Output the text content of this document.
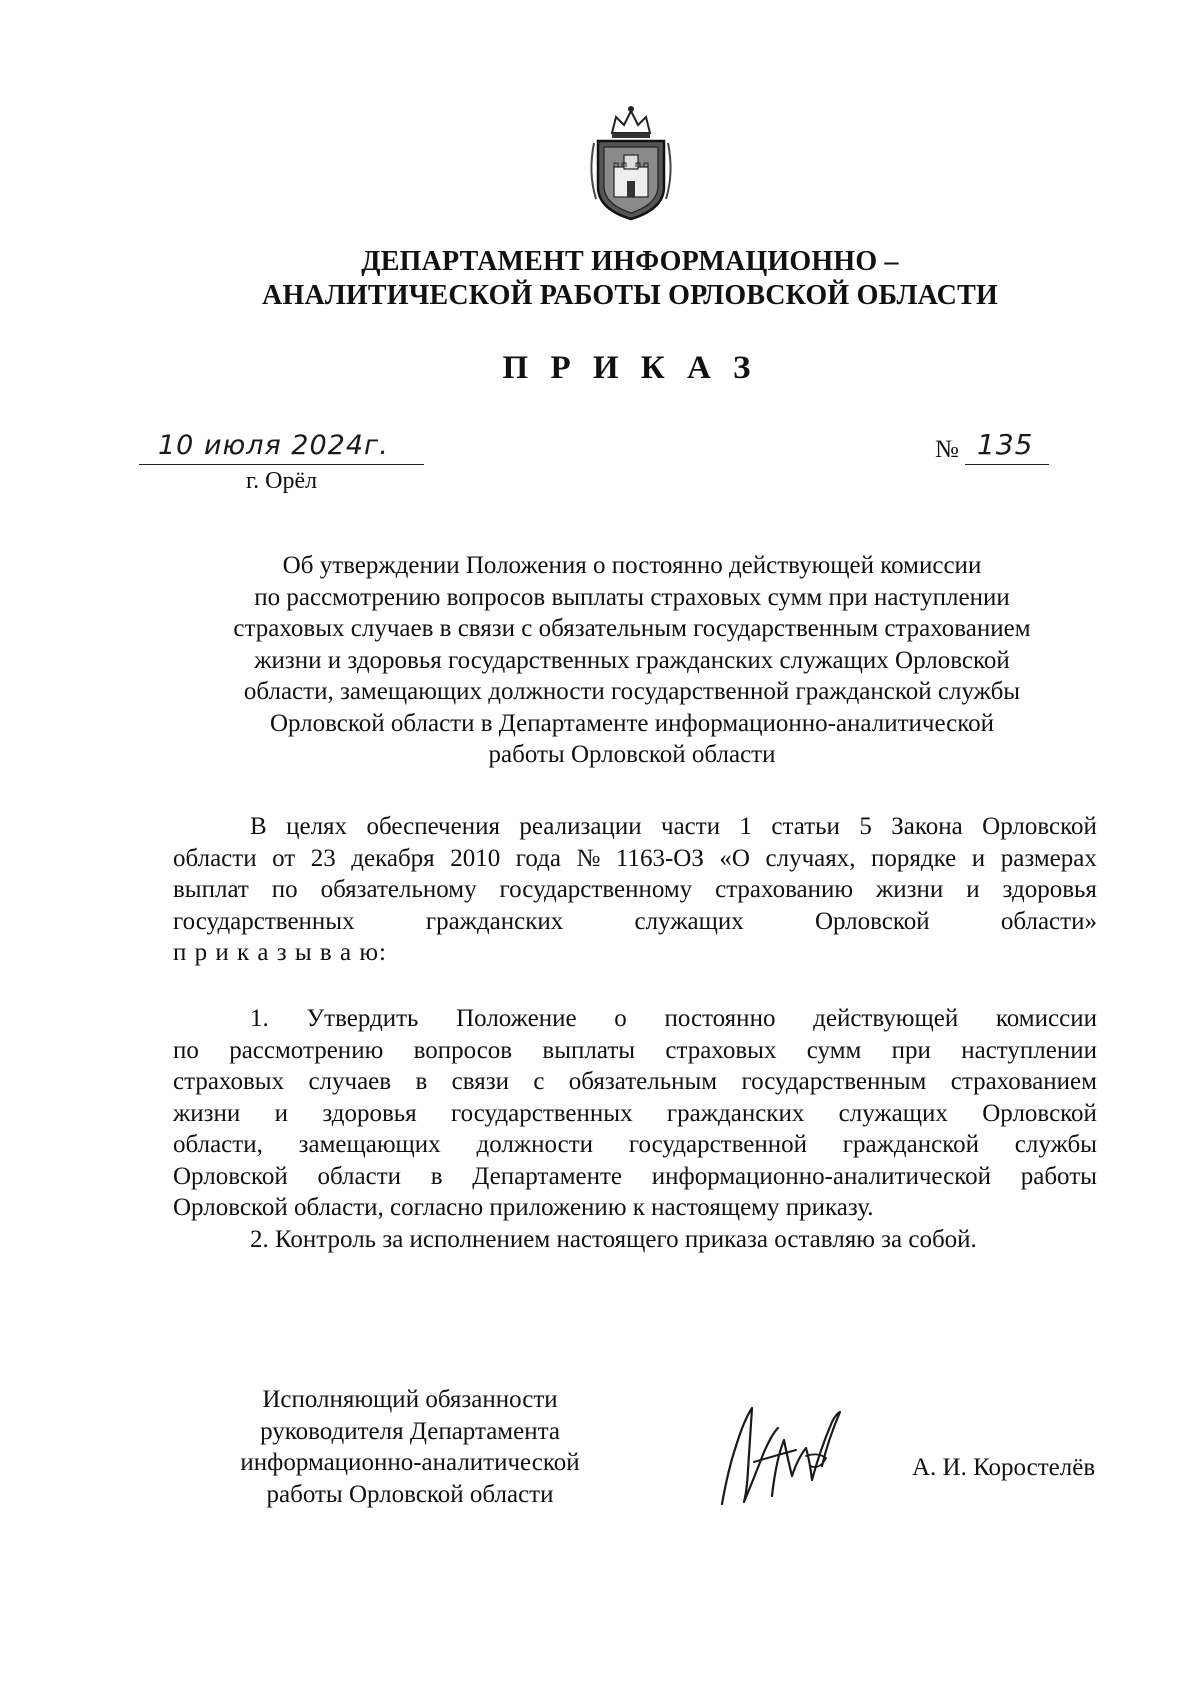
ДЕПАРТАМЕНТ ИНФОРМАЦИОННО –
АНАЛИТИЧЕСКОЙ РАБОТЫ ОРЛОВСКОЙ ОБЛАСТИ
П Р И К А З
10 июля 2024г.
г. Орёл
№ 135
Об утверждении Положения о постоянно действующей комиссии
по рассмотрению вопросов выплаты страховых сумм при наступлении
страховых случаев в связи с обязательным государственным страхованием
жизни и здоровья государственных гражданских служащих Орловской
области, замещающих должности государственной гражданской службы
Орловской области в Департаменте информационно-аналитической
работы Орловской области
В целях обеспечения реализации части 1 статьи 5 Закона Орловской
области от 23 декабря 2010 года № 1163-ОЗ «О случаях, порядке и размерах
выплат по обязательному государственному страхованию жизни и здоровья
государственных	гражданских	служащих	Орловской	области»
п р и к а з ы в а ю:
1. Утвердить Положение о постоянно действующей комиссии
по рассмотрению вопросов выплаты страховых сумм при наступлении
страховых случаев в связи с обязательным государственным страхованием
жизни и здоровья государственных гражданских служащих Орловской
области, замещающих должности государственной гражданской службы
Орловской области в Департаменте информационно-аналитической работы
Орловской области, согласно приложению к настоящему приказу.
2. Контроль за исполнением настоящего приказа оставляю за собой.
Исполняющий обязанности
руководителя Департамента
информационно-аналитической
работы Орловской области
А. И. Коростелёв
